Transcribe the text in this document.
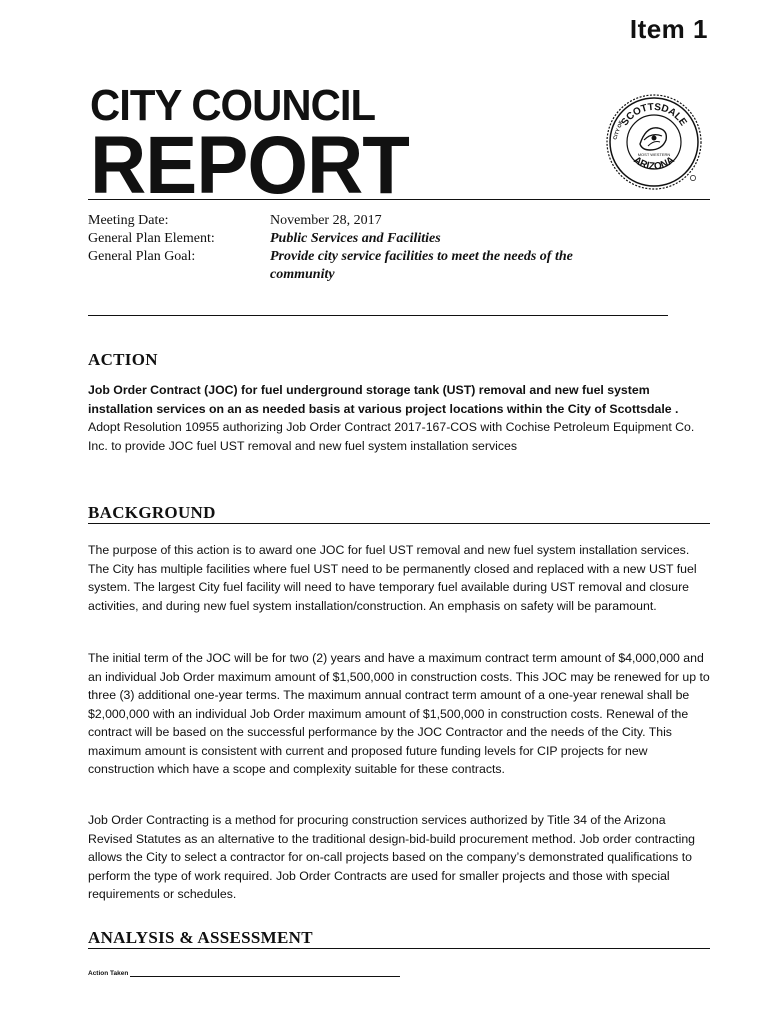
Item 1
CITY COUNCIL
REPORT	SCOTTSDALE
ARIZONA
CITY OF
MOST WESTERN
Meeting Date:	November 28, 2017
General Plan Element:	Public Services and Facilities
General Plan Goal:	Provide city service facilities to meet the needs of the
community
ACTION

Job Order Contract (JOC) for fuel underground storage tank (UST) removal and new fuel system installation services on an as needed basis at various project locations within the City of Scottsdale . Adopt Resolution 10955 authorizing Job Order Contract 2017-167-COS with Cochise Petroleum Equipment Co. Inc. to provide JOC fuel UST removal and new fuel system installation services

BACKGROUND

The purpose of this action is to award one JOC for fuel UST removal and new fuel system installation services. The City has multiple facilities where fuel UST need to be permanently closed and replaced with a new UST fuel system. The largest City fuel facility will need to have temporary fuel available during UST removal and closure activities, and during new fuel system installation/construction. An emphasis on safety will be paramount.

The initial term of the JOC will be for two (2) years and have a maximum contract term amount of $4,000,000 and an individual Job Order maximum amount of $1,500,000 in construction costs. This JOC may be renewed for up to three (3) additional one-year terms. The maximum annual contract term amount of a one-year renewal shall be $2,000,000 with an individual Job Order maximum amount of $1,500,000 in construction costs. Renewal of the contract will be based on the successful performance by the JOC Contractor and the needs of the City. This maximum amount is consistent with current and proposed future funding levels for CIP projects for new construction which have a scope and complexity suitable for these contracts.

Job Order Contracting is a method for procuring construction services authorized by Title 34 of the Arizona Revised Statutes as an alternative to the traditional design-bid-build procurement method. Job order contracting allows the City to select a contractor for on-call projects based on the company’s demonstrated qualifications to perform the type of work required. Job Order Contracts are used for smaller projects and those with special requirements or schedules.

ANALYSIS & ASSESSMENT
Action Taken
